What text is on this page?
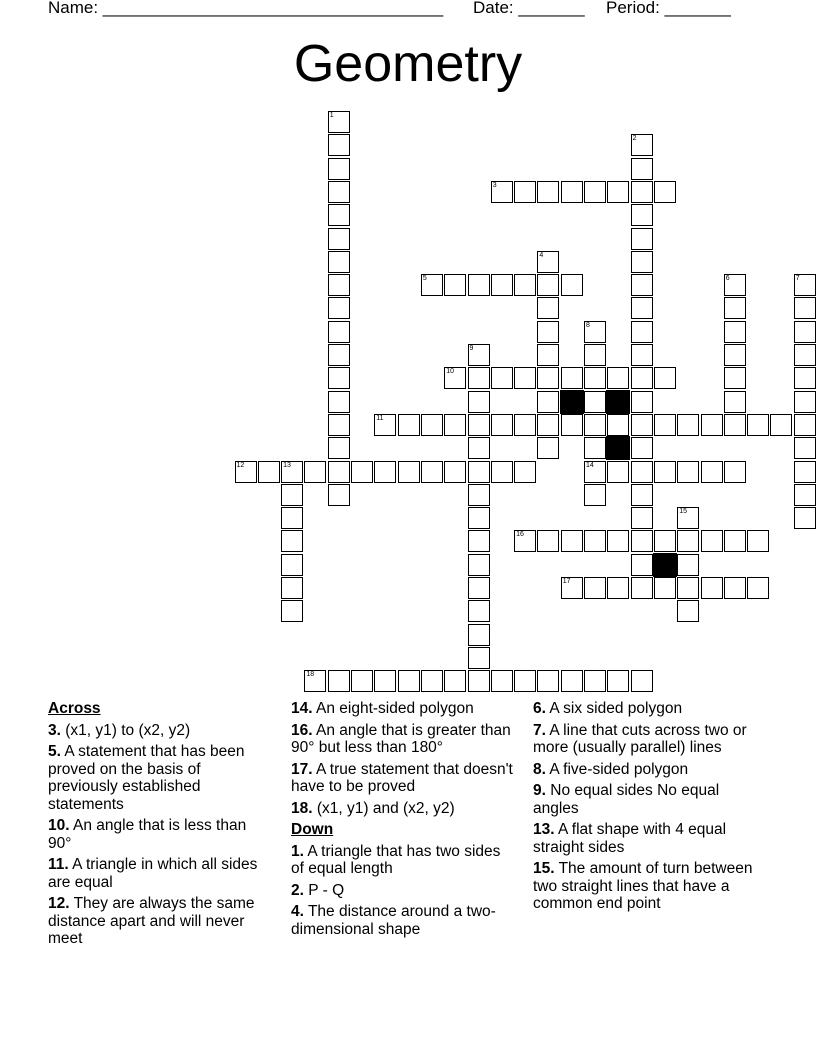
Name: ____________________________________

Date: _______

Period: _______

Geometry
1
2
3
4
5	6	7
8
14
9
10
11
12	13
15
16
17
18
Across
3. (x1, y1) to (x2, y2)
5. A statement that has been proved on the basis of previously established statements
10. An angle that is less than 90°
11. A triangle in which all sides are equal
12. They are always the same distance apart and will never meet
14. An eight-sided polygon
16. An angle that is greater than 90° but less than 180°
17. A true statement that doesn't have to be proved
18. (x1, y1) and (x2, y2)
Down
1. A triangle that has two sides of equal length
2. P - Q
4. The distance around a two-dimensional shape
6. A six sided polygon
7. A line that cuts across two or more (usually parallel) lines
8. A five-sided polygon
9. No equal sides No equal angles
13. A flat shape with 4 equal straight sides
15. The amount of turn between two straight lines that have a common end point
